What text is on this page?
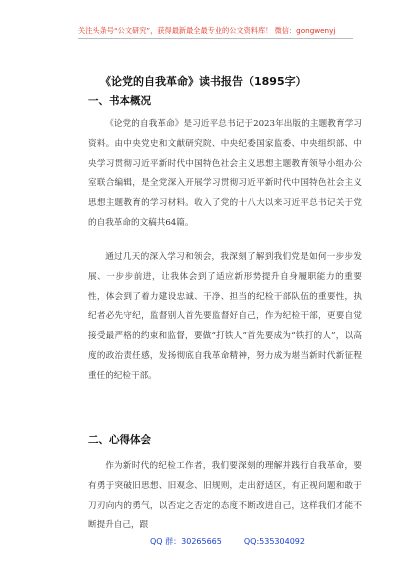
关注头条号“公文研究”，获得最新最全最专业的公文资料库！ 微信：gongwenyj
《论党的自我革命》读书报告（1895字）
一、书本概况
《论党的自我革命》是习近平总书记于2023年出版的主题教育学习资料。由中央党史和文献研究院、中央纪委国家监委、中央组织部、中央学习贯彻习近平新时代中国特色社会主义思想主题教育领导小组办公室联合编辑，是全党深入开展学习贯彻习近平新时代中国特色社会主义思想主题教育的学习材料。收入了党的十八大以来习近平总书记关于党的自我革命的文稿共64篇。
通过几天的深入学习和领会，我深刻了解到我们党是如何一步步发展、一步步前进，让我体会到了适应新形势提升自身履职能力的重要性，体会到了着力建设忠诚、干净、担当的纪检干部队伍的重要性，执纪者必先守纪，监督别人首先要监督好自己，作为纪检干部，更要自觉接受最严格的约束和监督，要做“打铁人”首先要成为“铁打的人”，以高度的政治责任感，发扬彻底自我革命精神，努力成为堪当新时代新征程重任的纪检干部。
二、心得体会
作为新时代的纪检工作者，我们要深刻的理解并践行自我革命，要有勇于突破旧思想、旧观念、旧规则，走出舒适区，有正视问题和敢于刀刃向内的勇气，以否定之否定的态度不断改进自己，这样我们才能不断提升自己，跟
QQ 群：30265665	QQ:535304092
